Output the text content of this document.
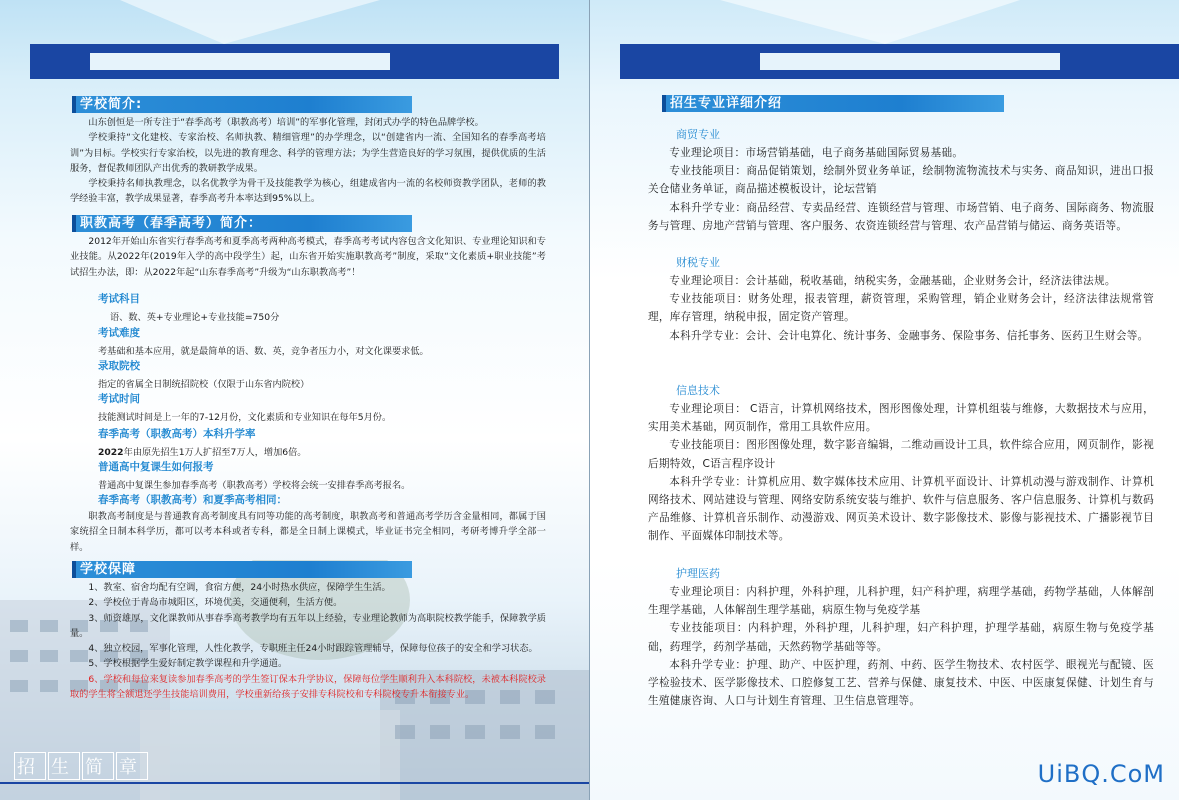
学校简介:

山东创恒是一所专注于“春季高考（职教高考）培训”的军事化管理，封闭式办学的特色品牌学校。

学校秉持“文化建校、专家治校、名师执教、精细管理”的办学理念，以“创建省内一流、全国知名的春季高考培训”为目标。学校实行专家治校，以先进的教育理念、科学的管理方法；为学生营造良好的学习氛围，提供优质的生活服务，督促教师团队产出优秀的教研教学成果。

学校秉持名师执教理念，以名优教学为骨干及技能教学为核心，组建成省内一流的名校师资教学团队，老师的教学经验丰富，教学成果显著，春季高考升本率达到95%以上。

职教高考（春季高考）简介：
2012年开始山东省实行春季高考和夏季高考两种高考模式，春季高考考试内容包含文化知识、专业理论知识和专业技能。从2022年(2019年入学的高中段学生）起，山东省开始实施职教高考”制度，采取“文化素质+职业技能”考试招生办法，即：从2022年起“山东春季高考”升级为“山东职教高考”！
考试科目
语、数、英+专业理论+专业技能=750分
考试难度
考基础和基本应用，就是最简单的语、数、英，竞争者压力小，对文化课要求低。
录取院校
指定的省属全日制统招院校（仅限于山东省内院校）
考试时间
技能测试时间是上一年的7-12月份，文化素质和专业知识在每年5月份。
春季高考（职教高考）本科升学率
2022年由原先招生1万人扩招至7万人，增加6倍。
普通高中复课生如何报考
普通高中复课生参加春季高考（职教高考）学校将会统一安排春季高考报名。
春季高考（职教高考）和夏季高考相同：
职教高考制度是与普通教育高考制度具有同等功能的高考制度，职教高考和普通高考学历含金量相同，都属于国家统招全日制本科学历，都可以考本科或者专科，都是全日制上课模式，毕业证书完全相同，考研考博升学全部一样。
学校保障

1、教室、宿舍均配有空调，食宿方便，24小时热水供应，保障学生生活。

2、学校位于青岛市城阳区，环境优美，交通便利，生活方便。

3、师资雄厚，文化课教师从事春季高考教学均有五年以上经验，专业理论教师为高职院校教学能手，保障教学质量。

4、独立校园，军事化管理，人性化教学，专职班主任24小时跟踪管理辅导，保障每位孩子的安全和学习状态。

5、学校根据学生爱好制定教学课程和升学通道。

6、学校和每位来复读参加春季高考的学生签订保本升学协议，保障每位学生顺利升入本科院校，未被本科院校录取的学生将全额退还学生技能培训费用，学校重新给孩子安排专科院校和专科院校专升本衔接专业。

招 生 简 章
招生专业详细介绍
商贸专业

专业理论项目：市场营销基础，电子商务基础国际贸易基础。

专业技能项目：商品促销策划，绘制外贸业务单证，绘制物流物流技术与实务、商品知识，进出口报关仓储业务单证，商品描述模板设计，论坛营销

本科升学专业：商品经营、专卖品经营、连锁经营与管理、市场营销、电子商务、国际商务、物流服务与管理、房地产营销与管理、客户服务、农资连锁经营与管理、农产品营销与储运、商务英语等。

财税专业

专业理论项目：会计基础，税收基础，纳税实务，金融基础，企业财务会计，经济法律法规。

专业技能项目：财务处理，报表管理，薪资管理，采购管理，销企业财务会计，经济法律法规常管理，库存管理，纳税申报，固定资产管理。

本科升学专业：会计、会计电算化、统计事务、金融事务、保险事务、信托事务、医药卫生财会等。

信息技术

专业理论项目： C语言，计算机网络技术，图形图像处理，计算机组装与维修，大数据技术与应用，实用美术基础，网页制作，常用工具软件应用。

专业技能项目：图形图像处理，数字影音编辑，二维动画设计工具，软件综合应用，网页制作，影视后期特效，C语言程序设计

本科升学专业：计算机应用、数字媒体技术应用、计算机平面设计、计算机动漫与游戏制作、计算机网络技术、网站建设与管理、网络安防系统安装与维护、软件与信息服务、客户信息服务、计算机与数码产品维修、计算机音乐制作、动漫游戏、网页美术设计、数字影像技术、影像与影视技术、广播影视节目制作、平面媒体印制技术等。

护理医药

专业理论项目：内科护理，外科护理，儿科护理，妇产科护理，病理学基础，药物学基础，人体解剖生理学基础，人体解剖生理学基础，病原生物与免疫学基

专业技能项目：内科护理，外科护理，儿科护理，妇产科护理，护理学基础，病原生物与免疫学基础，药理学，药剂学基础，天然药物学基础等等。

本科升学专业：护理、助产、中医护理，药剂、中药、医学生物技术、农村医学、眼视光与配镜、医学检验技术、医学影像技术、口腔修复工艺、营养与保健、康复技术、中医、中医康复保健、计划生育与生殖健康咨询、人口与计划生育管理、卫生信息管理等。

UiBQ.CoM
